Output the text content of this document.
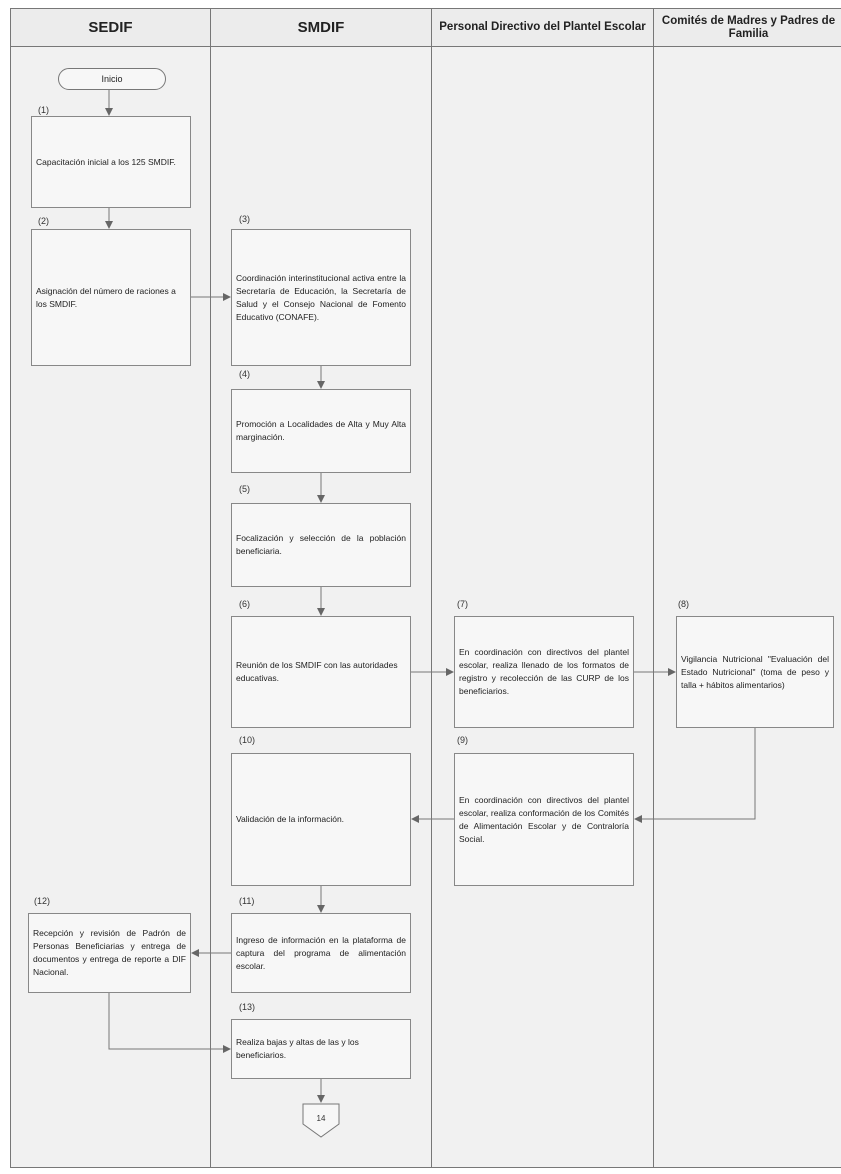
SEDIF	SMDIF	Personal Directivo del Plantel Escolar
Comités de Madres y Padres de Familia
Inicio
(1)
(2)	(3)
(4)
(5)
(6)	(7)	(8)
(9)
(10)
(11)
(12)
(13)
Capacitación inicial a los 125 SMDIF.
Asignación del número de raciones a los SMDIF.
Coordinación interinstitucional activa entre la Secretaría de Educación, la Secretaría de Salud y el Consejo Nacional de Fomento Educativo (CONAFE).
Promoción a Localidades de Alta y Muy Alta marginación.
Focalización y selección de la población beneficiaria.
Reunión de los SMDIF con las autoridades educativas.
En coordinación con directivos del plantel escolar, realiza llenado de los formatos de registro y recolección de las CURP de los beneficiarios.
Vigilancia Nutricional "Evaluación del Estado Nutricional" (toma de peso y talla + hábitos alimentarios)
En coordinación con directivos del plantel escolar, realiza conformación de los Comités de Alimentación Escolar y de Contraloría Social.
Validación de la información.
Ingreso de información en la plataforma de captura del programa de alimentación escolar.
Recepción y revisión de Padrón de Personas Beneficiarias y entrega de documentos y entrega de reporte a DIF Nacional.
Realiza bajas y altas de las y los beneficiarios.
14
